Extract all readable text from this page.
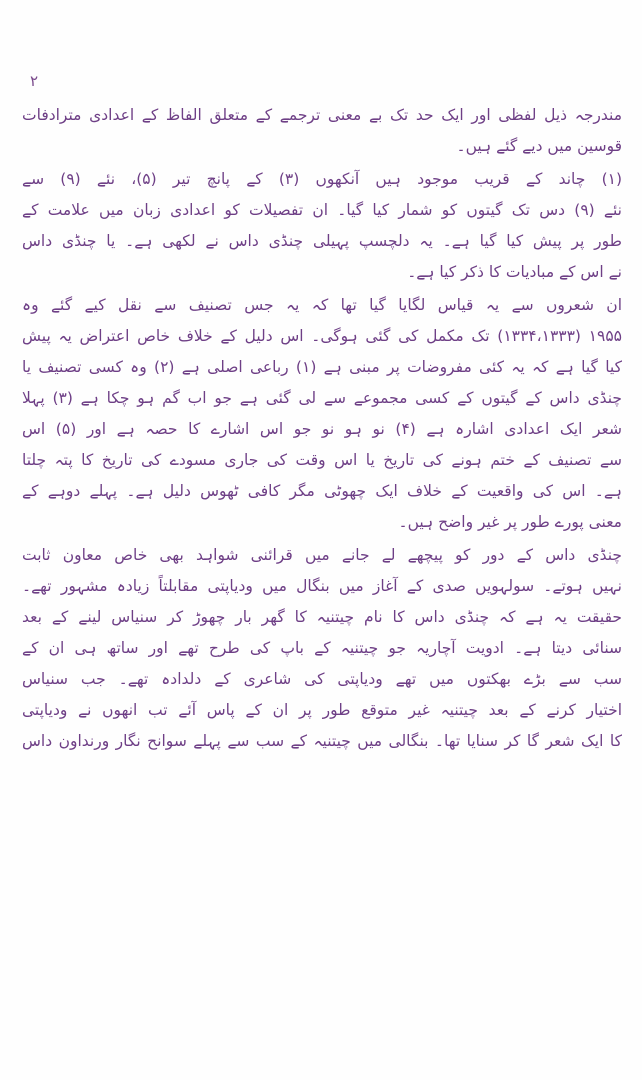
۲
مندرجہ ذیل لفظی اور ایک حد تک بے معنی ترجمے کے متعلق الفاظ کے اعدادی مترادفات
قوسین میں دیے گئے ہیں۔
(۱) چاند کے قریب موجود ہیں آنکھوں (۳) کے پانچ تیر (۵)، نئے (۹) سے
نئے (۹) دس تک گیتوں کو شمار کیا گیا۔ ان تفصیلات کو اعدادی زبان میں علامت کے
طور پر پیش کیا گیا ہے۔ یہ دلچسپ پہیلی چنڈی داس نے لکھی ہے۔ یا چنڈی داس
نے اس کے مبادیات کا ذکر کیا ہے۔
ان شعروں سے یہ قیاس لگایا گیا تھا کہ یہ جس تصنیف سے نقل کیے گئے وہ
۱۹۵۵ (۱۳۳۴،۱۳۳۳) تک مکمل کی گئی ہوگی۔ اس دلیل کے خلاف خاص اعتراض یہ پیش
کیا گیا ہے کہ یہ کئی مفروضات پر مبنی ہے (۱) رباعی اصلی ہے (۲) وہ کسی تصنیف یا
چنڈی داس کے گیتوں کے کسی مجموعے سے لی گئی ہے جو اب گم ہو چکا ہے (۳) پہلا
شعر ایک اعدادی اشارہ ہے (۴) نو ہو نو جو اس اشارے کا حصہ ہے اور (۵) اس
سے تصنیف کے ختم ہونے کی تاریخ یا اس وقت کی جاری مسودے کی تاریخ کا پتہ چلتا
ہے۔ اس کی واقعیت کے خلاف ایک چھوٹی مگر کافی ٹھوس دلیل ہے۔ پہلے دوہے کے
معنی پورے طور پر غیر واضح ہیں۔
چنڈی داس کے دور کو پیچھے لے جانے میں قرائنی شواہد بھی خاص معاون ثابت
نہیں ہوتے۔ سولہویں صدی کے آغاز میں بنگال میں ودیاپتی مقابلتاً زیادہ مشہور تھے۔
حقیقت یہ ہے کہ چنڈی داس کا نام چیتنیہ کا گھر بار چھوڑ کر سنیاس لینے کے بعد
سنائی دیتا ہے۔ ادویت آچاریہ جو چیتنیہ کے باپ کی طرح تھے اور ساتھ ہی ان کے
سب سے بڑے بھکتوں میں تھے ودیاپتی کی شاعری کے دلدادہ تھے۔ جب سنیاس
اختیار کرنے کے بعد چیتنیہ غیر متوقع طور پر ان کے پاس آئے تب انھوں نے ودیاپتی
کا ایک شعر گا کر سنایا تھا۔ بنگالی میں چیتنیہ کے سب سے پہلے سوانح نگار ورنداون داس
